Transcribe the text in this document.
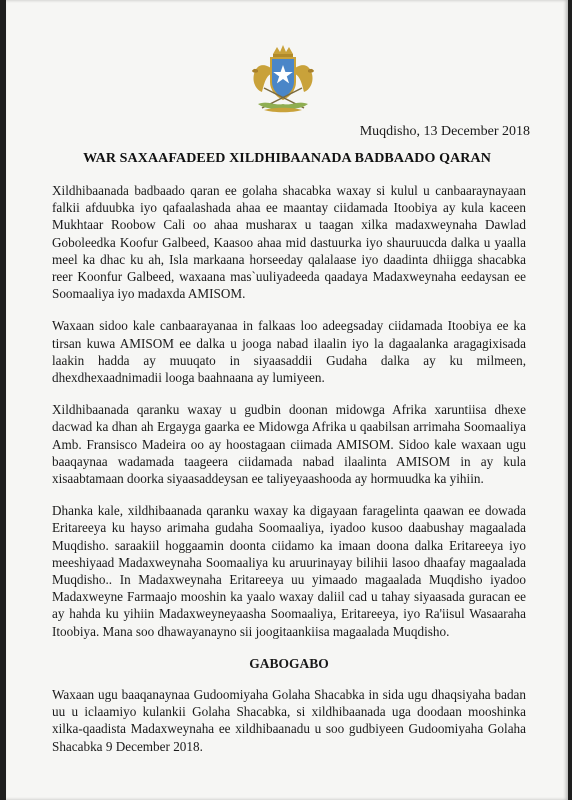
Muqdisho, 13 December 2018
WAR SAXAAFADEED XILDHIBAANADA BADBAADO QARAN

Xildhibaanada badbaado qaran ee golaha shacabka waxay si kulul u canbaaraynayaan falkii afduubka iyo qafaalashada ahaa ee maantay ciidamada Itoobiya ay kula kaceen Mukhtaar Roobow Cali oo ahaa musharax u taagan xilka madaxweynaha Dawlad Goboleedka Koofur Galbeed, Kaasoo ahaa mid dastuurka iyo shauruucda dalka u yaalla meel ka dhac ku ah, Isla markaana horseeday qalalaase iyo daadinta dhiigga shacabka reer Koonfur Galbeed, waxaana mas`uuliyadeeda qaadaya Madaxweynaha eedaysan ee Soomaaliya iyo madaxda AMISOM.

Waxaan sidoo kale canbaarayanaa in falkaas loo adeegsaday ciidamada Itoobiya ee ka tirsan kuwa AMISOM ee dalka u jooga nabad ilaalin iyo la dagaalanka aragagixisada laakin hadda ay muuqato in siyaasaddii Gudaha dalka ay ku milmeen, dhexdhexaadnimadii looga baahnaana ay lumiyeen.

Xildhibaanada qaranku waxay u gudbin doonan midowga Afrika xaruntiisa dhexe dacwad ka dhan ah Ergayga gaarka ee Midowga Afrika u qaabilsan arrimaha Soomaaliya Amb. Fransisco Madeira oo ay hoostagaan ciimada AMISOM. Sidoo kale waxaan ugu baaqaynaa wadamada taageera ciidamada nabad ilaalinta AMISOM in ay kula xisaabtamaan doorka siyaasaddeysan ee taliyeyaashooda ay hormuudka ka yihiin.

Dhanka kale, xildhibaanada qaranku waxay ka digayaan faragelinta qaawan ee dowada Eritareeya ku hayso arimaha gudaha Soomaaliya, iyadoo kusoo daabushay magaalada Muqdisho. saraakiil hoggaamin doonta ciidamo ka imaan doona dalka Eritareeya iyo meeshiyaad Madaxweynaha Soomaaliya ku aruurinayay bilihii lasoo dhaafay magaalada Muqdisho.. In Madaxweynaha Eritareeya uu yimaado magaalada Muqdisho iyadoo Madaxweyne Farmaajo mooshin ka yaalo waxay daliil cad u tahay siyaasada guracan ee ay hahda ku yihiin Madaxweyneyaasha Soomaaliya, Eritareeya, iyo Ra'iisul Wasaaraha Itoobiya. Mana soo dhawayanayno sii joogitaankiisa magaalada Muqdisho.

GABOGABO

Waxaan ugu baaqanaynaa Gudoomiyaha Golaha Shacabka in sida ugu dhaqsiyaha badan uu u iclaamiyo kulankii Golaha Shacabka, si xildhibaanada uga doodaan mooshinka xilka-qaadista Madaxweynaha ee xildhibaanadu u soo gudbiyeen Gudoomiyaha Golaha Shacabka 9 December 2018.
